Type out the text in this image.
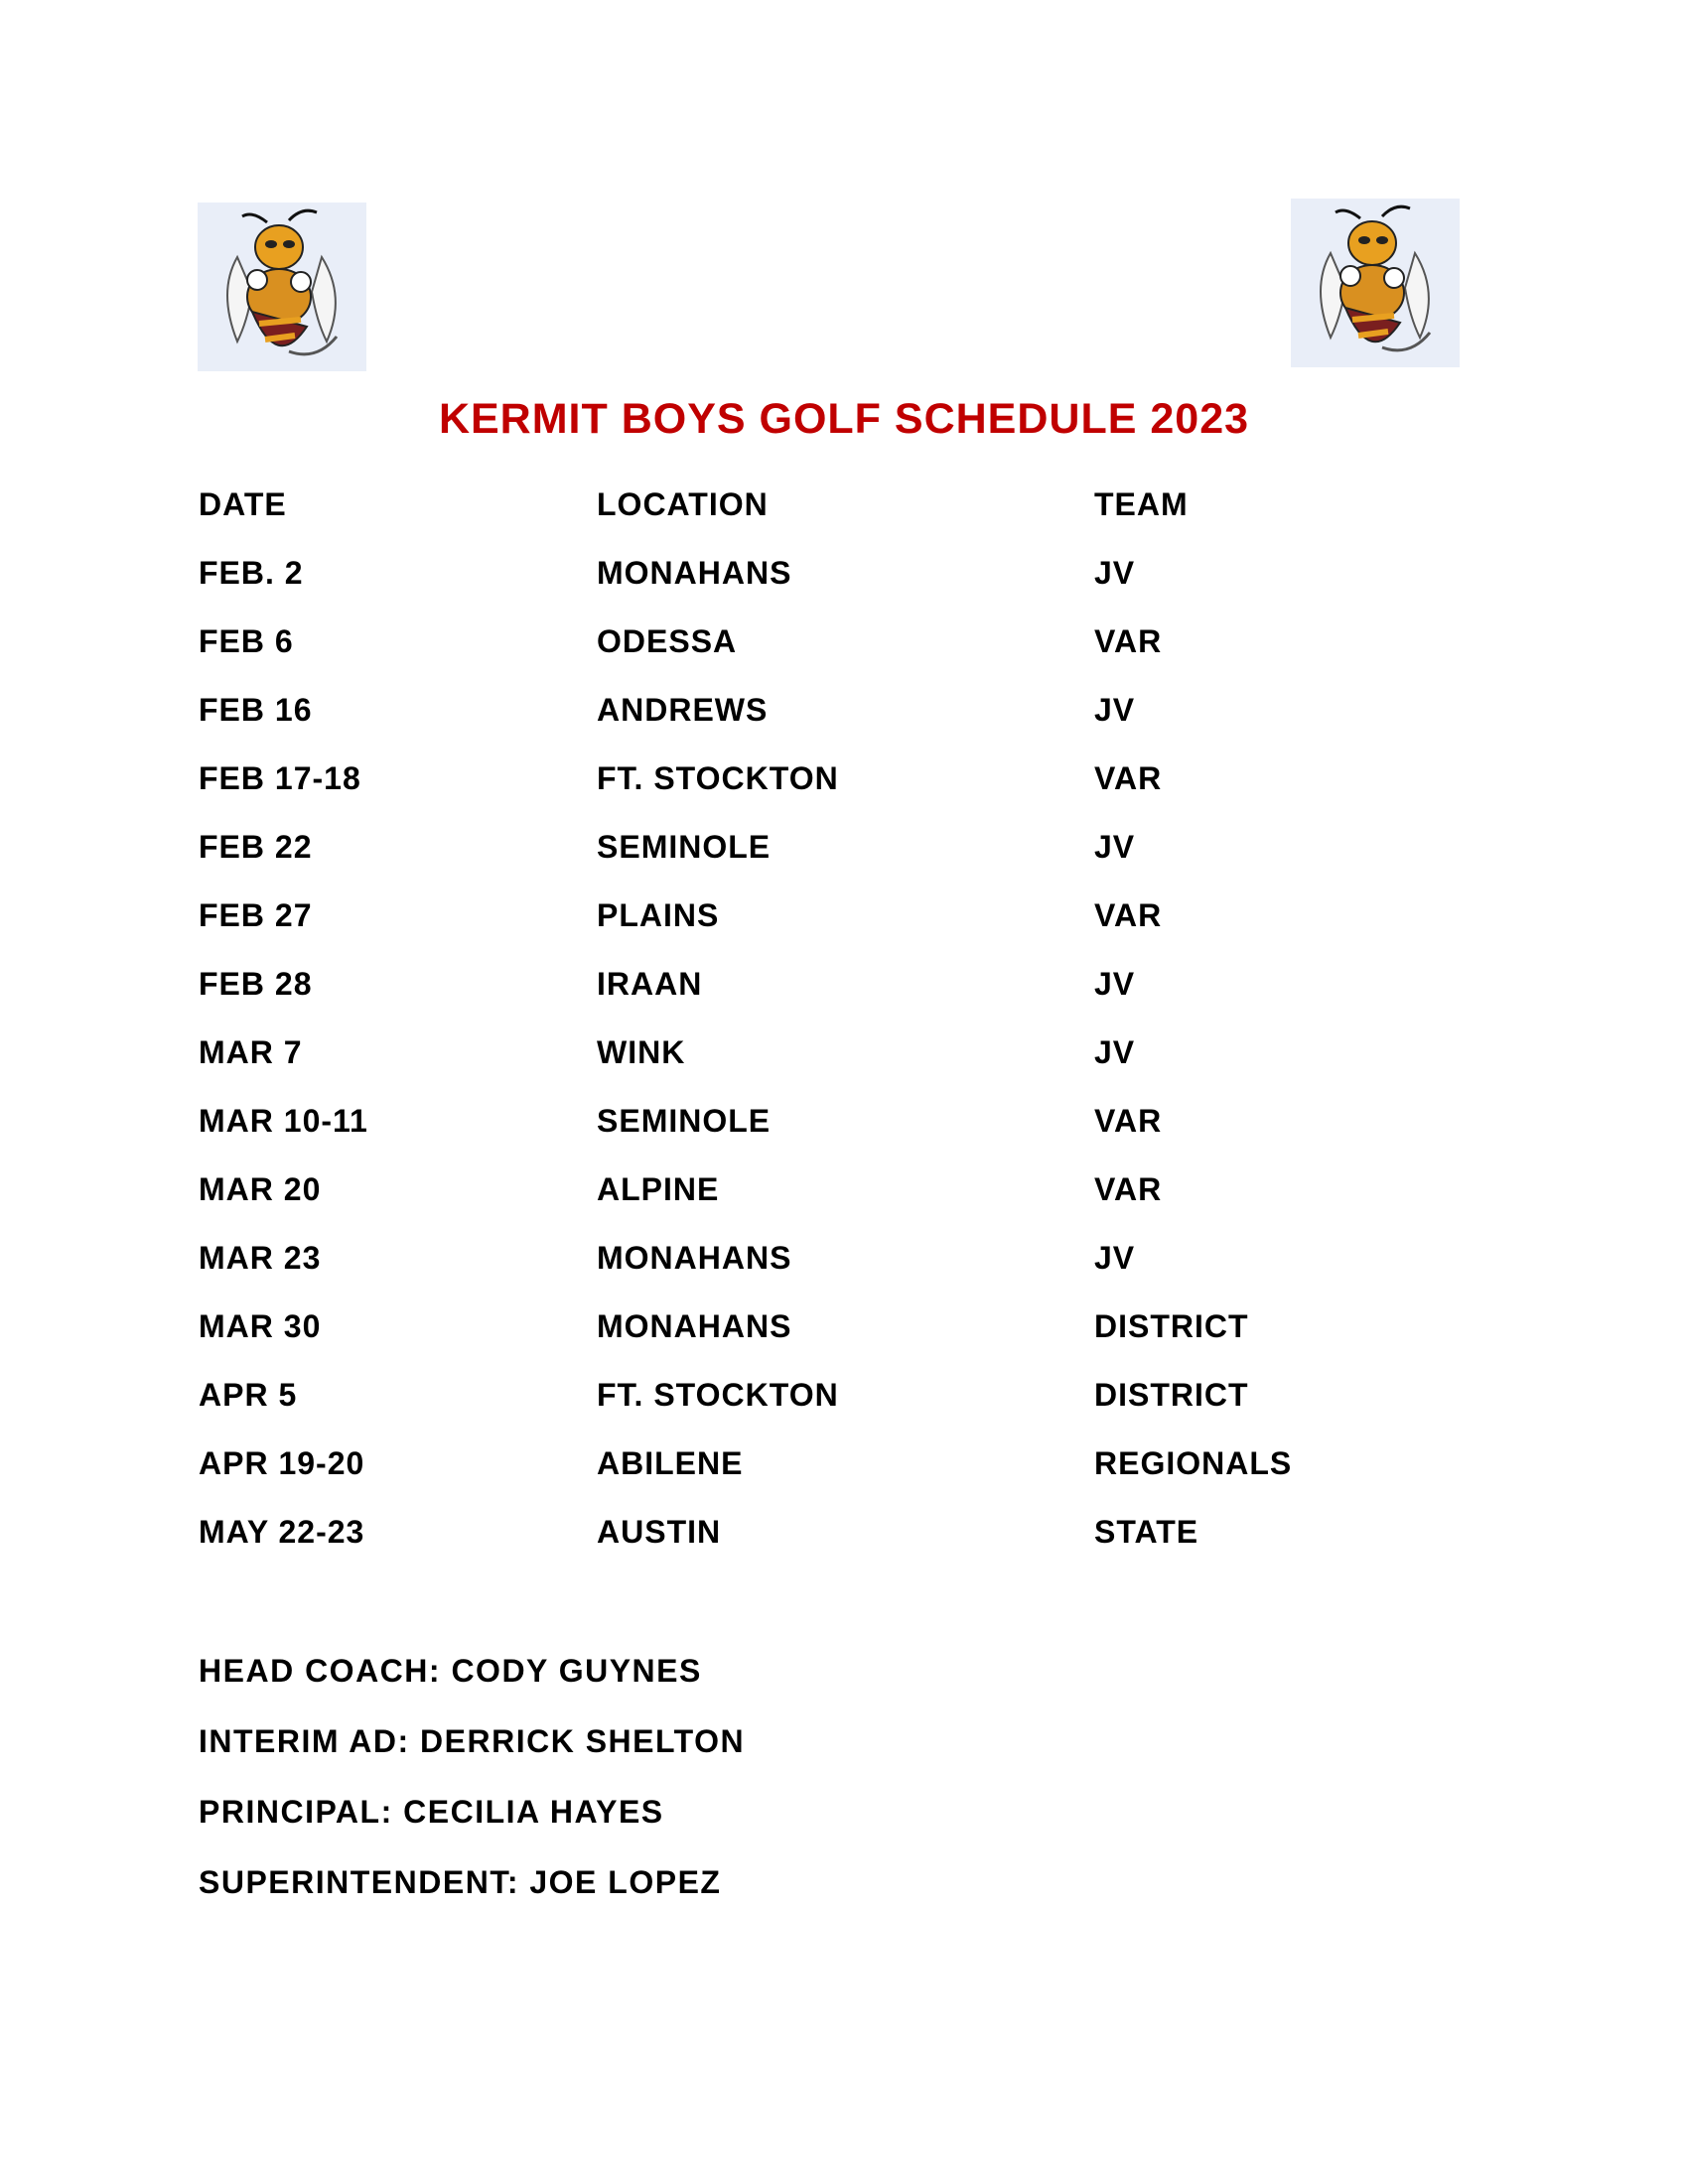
KERMIT BOYS GOLF SCHEDULE 2023
DATE	LOCATION	TEAM
FEB. 2	MONAHANS	JV
FEB 6	ODESSA	VAR
FEB 16	ANDREWS	JV
FEB 17-18	FT. STOCKTON	VAR
FEB 22	SEMINOLE	JV
FEB 27	PLAINS	VAR
FEB 28	IRAAN	JV
MAR 7	WINK	JV
MAR 10-11	SEMINOLE	VAR
MAR 20	ALPINE	VAR
MAR 23	MONAHANS	JV
MAR 30	MONAHANS	DISTRICT
APR 5	FT. STOCKTON	DISTRICT
APR 19-20	ABILENE	REGIONALS
MAY 22-23	AUSTIN	STATE
HEAD COACH: CODY GUYNES
INTERIM AD: DERRICK SHELTON
PRINCIPAL: CECILIA HAYES
SUPERINTENDENT: JOE LOPEZ
